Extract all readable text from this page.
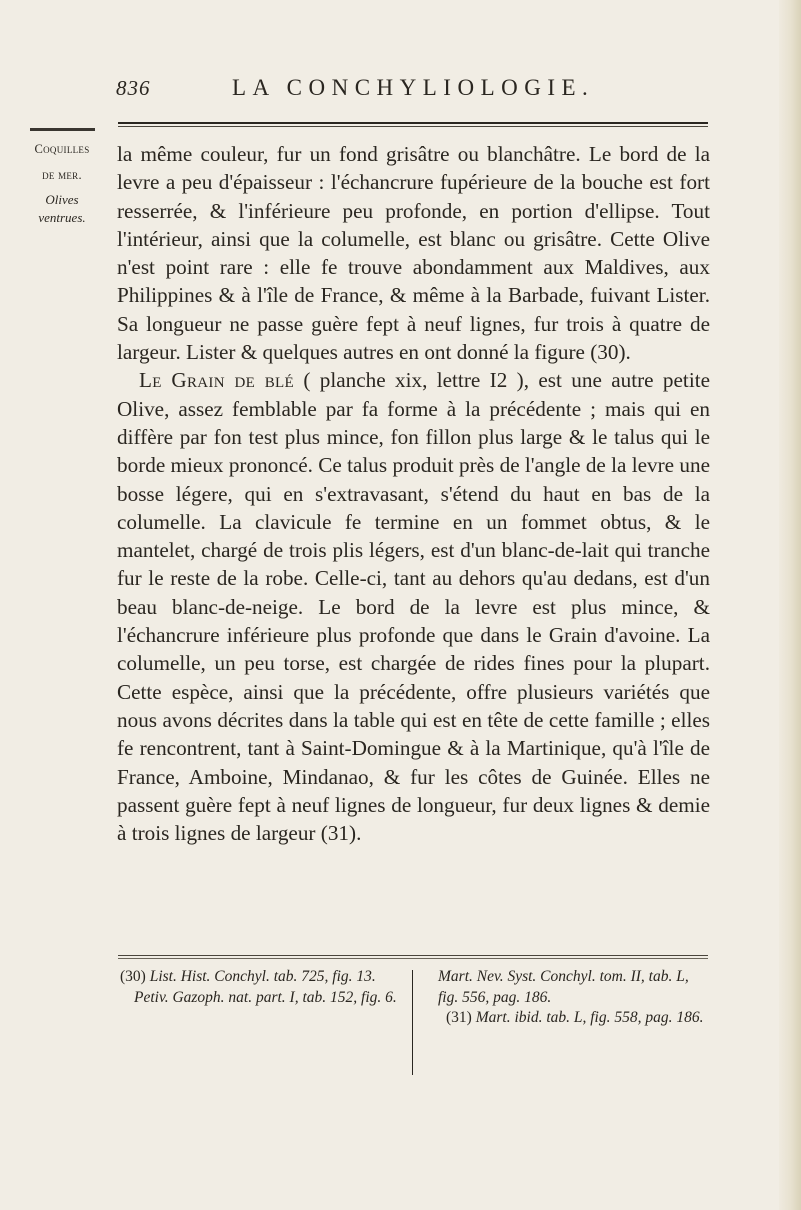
836	LA CONCHYLIOLOGIE.
Coquilles
de mer.
Olives
ventrues.

la même couleur, fur un fond grisâtre ou blanchâtre. Le bord de la levre a peu d'épaisseur : l'échancrure fupérieure de la bouche est fort resserrée, & l'inférieure peu profonde, en portion d'ellipse. Tout l'intérieur, ainsi que la columelle, est blanc ou grisâtre. Cette Olive n'est point rare : elle fe trouve abondamment aux Maldives, aux Philippines & à l'île de France, & même à la Barbade, fuivant Lister. Sa longueur ne passe guère fept à neuf lignes, fur trois à quatre de largeur. Lister & quelques autres en ont donné la figure (30).

Le Grain de blé ( planche xix, lettre I2 ), est une autre petite Olive, assez femblable par fa forme à la précédente ; mais qui en diffère par fon test plus mince, fon fillon plus large & le talus qui le borde mieux prononcé. Ce talus produit près de l'angle de la levre une bosse légere, qui en s'extravasant, s'étend du haut en bas de la columelle. La clavicule fe termine en un fommet obtus, & le mantelet, chargé de trois plis légers, est d'un blanc-de-lait qui tranche fur le reste de la robe. Celle-ci, tant au dehors qu'au dedans, est d'un beau blanc-de-neige. Le bord de la levre est plus mince, & l'échancrure inférieure plus profonde que dans le Grain d'avoine. La columelle, un peu torse, est chargée de rides fines pour la plupart. Cette espèce, ainsi que la précédente, offre plusieurs variétés que nous avons décrites dans la table qui est en tête de cette famille ; elles fe rencontrent, tant à Saint-Domingue & à la Martinique, qu'à l'île de France, Amboine, Mindanao, & fur les côtes de Guinée. Elles ne passent guère fept à neuf lignes de longueur, fur deux lignes & demie à trois lignes de largeur (31).

(30) List. Hist. Conchyl. tab. 725, fig. 13.

Petiv. Gazoph. nat. part. I, tab. 152, fig. 6.

Mart. Nev. Syst. Conchyl. tom. II, tab. L, fig. 556, pag. 186.

(31) Mart. ibid. tab. L, fig. 558, pag. 186.
